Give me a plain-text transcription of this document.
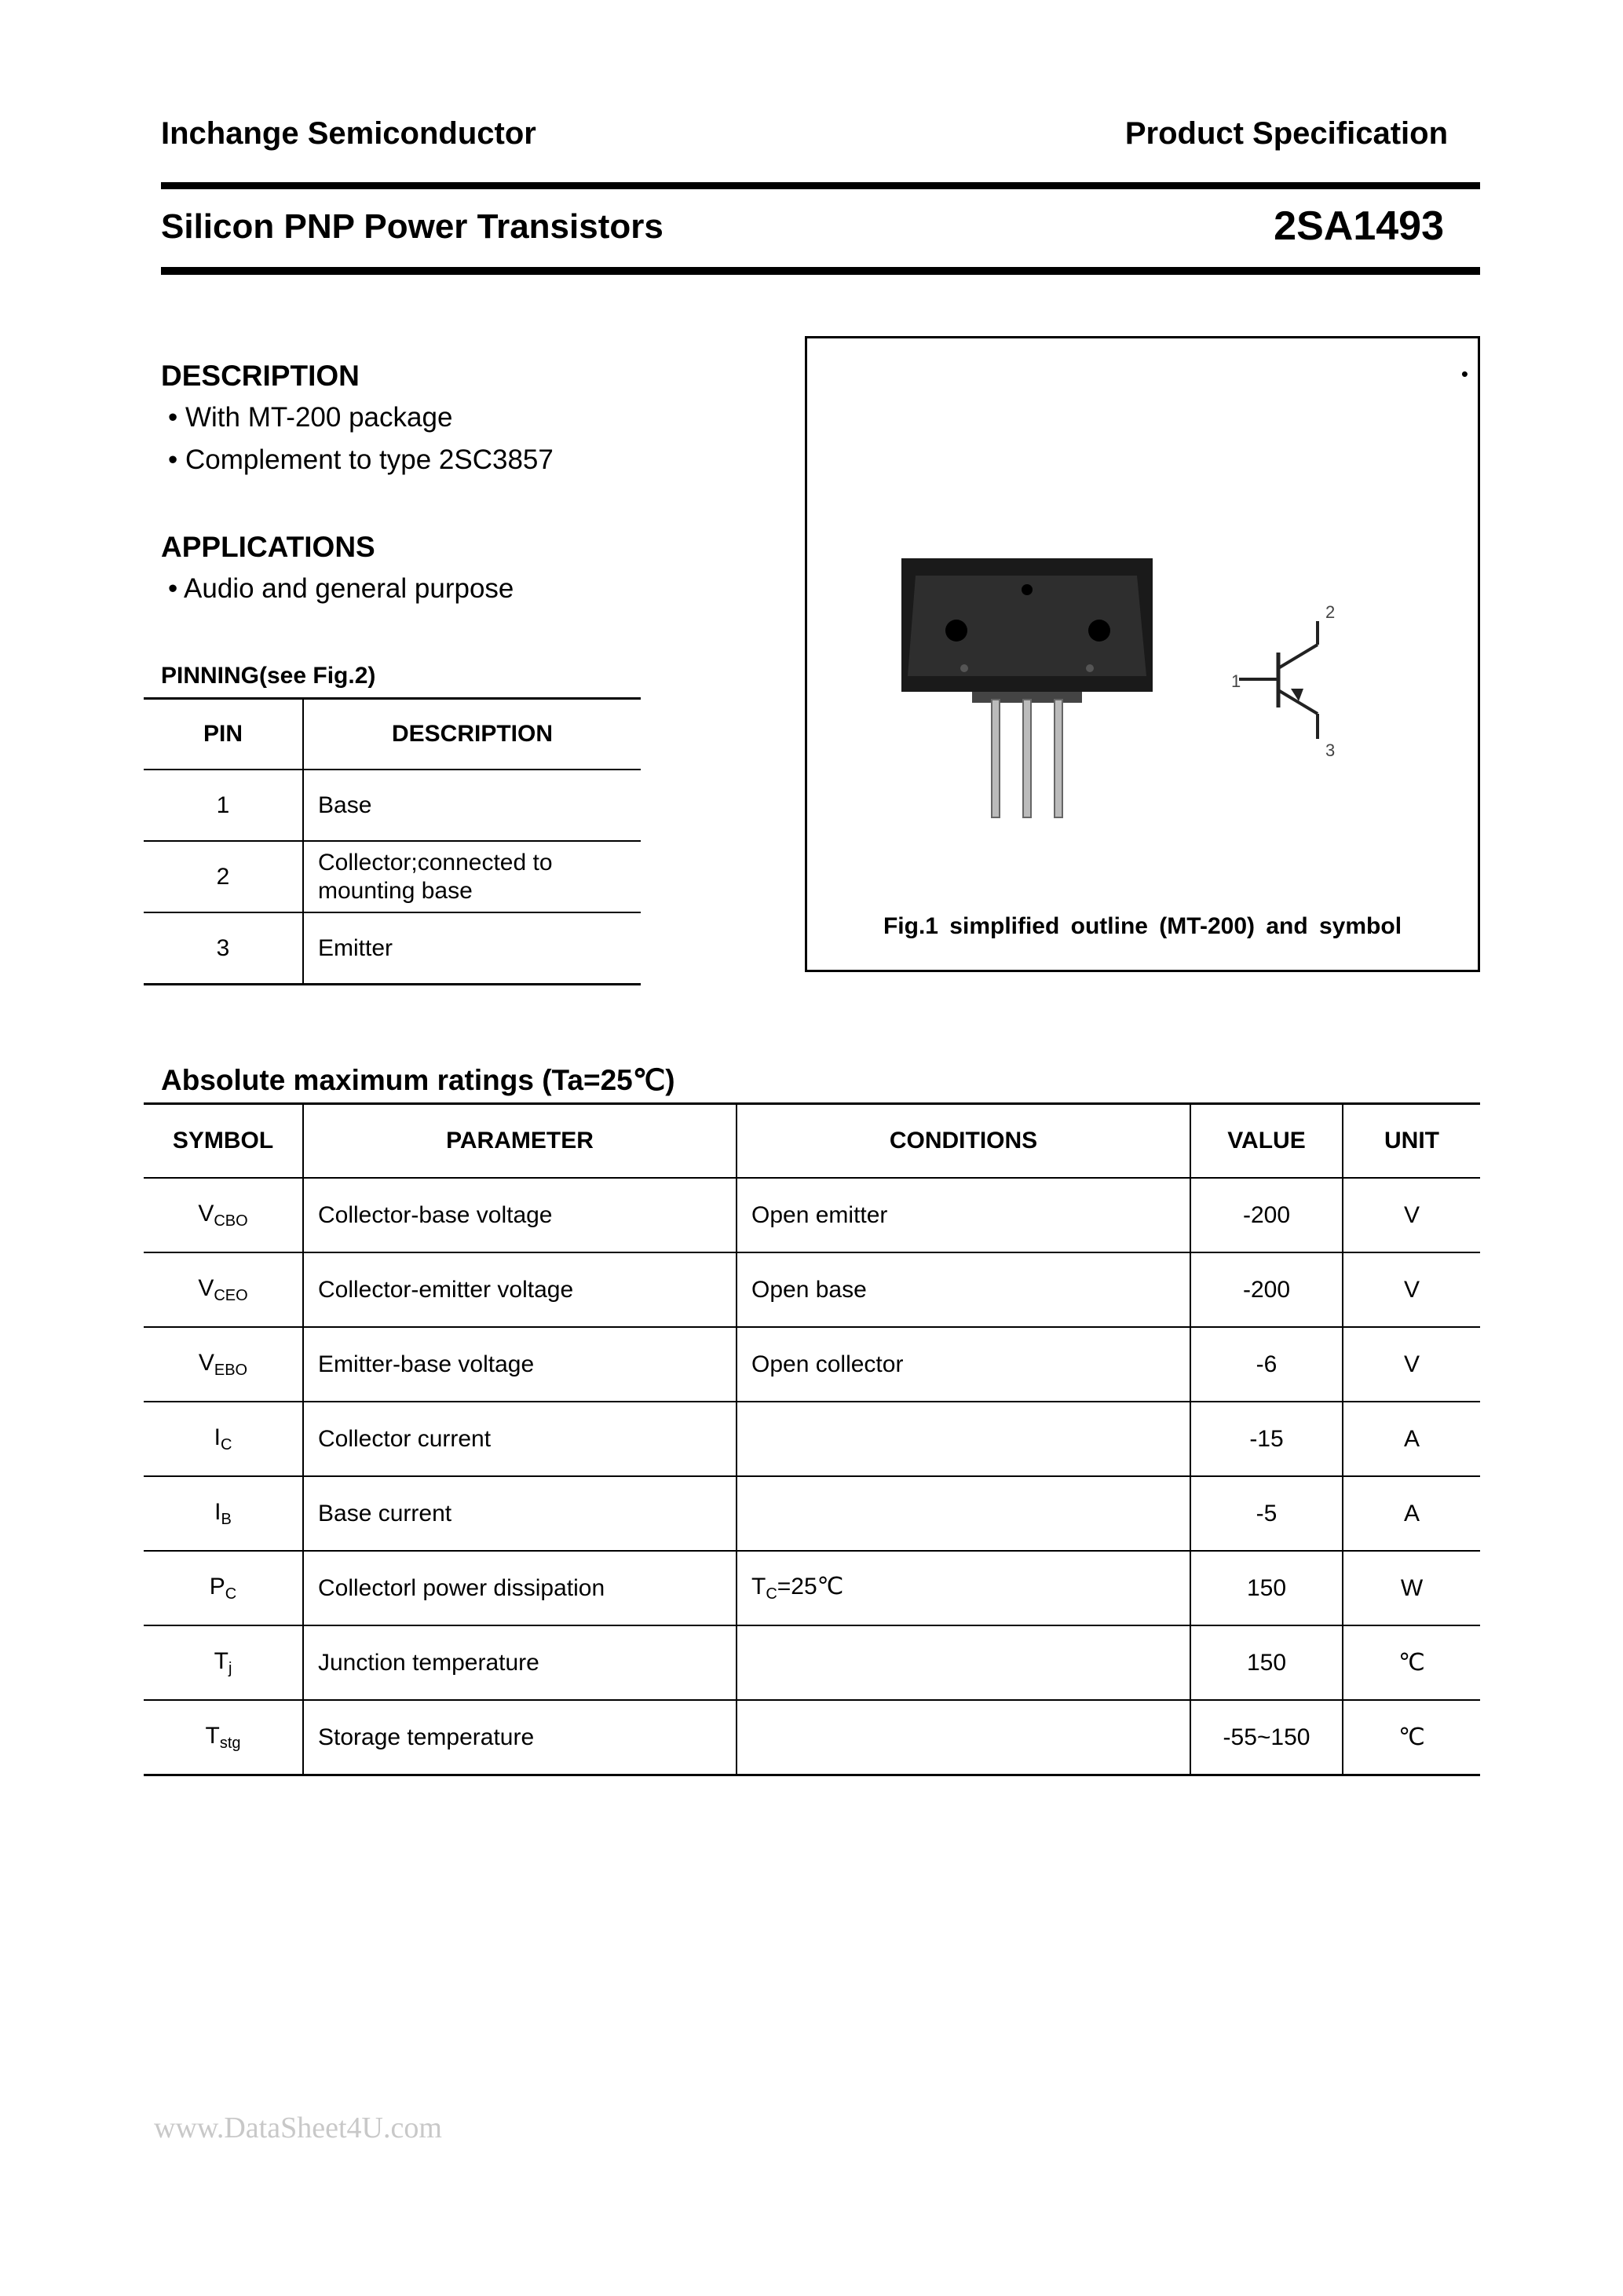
Inchange Semiconductor	Product Specification
Silicon PNP Power Transistors	2SA1493
DESCRIPTION
• With MT-200 package
• Complement to type 2SC3857
APPLICATIONS
• Audio and general purpose
PINNING(see Fig.2)
PIN	DESCRIPTION
1	Base
2	Collector;connected to
mounting base
3	Emitter
•
1
2
3
Fig.1 simplified outline (MT-200) and symbol
Absolute maximum ratings (Ta=25℃)
SYMBOL	PARAMETER	CONDITIONS	VALUE	UNIT
$V_{CBO}$	Collector-base voltage	Open emitter	-200	V
$V_{CEO}$	Collector-emitter voltage	Open base	-200	V
$V_{EBO}$	Emitter-base voltage	Open collector	-6	V
$I_C$	Collector current		-15	A
$I_B$	Base current		-5	A
$P_C$	Collectorl power dissipation	$T_C=25℃$	150	W
$T_j$	Junction temperature		150	℃
$T_{stg}$	Storage temperature		-55~150	℃
www.DataSheet4U.com
